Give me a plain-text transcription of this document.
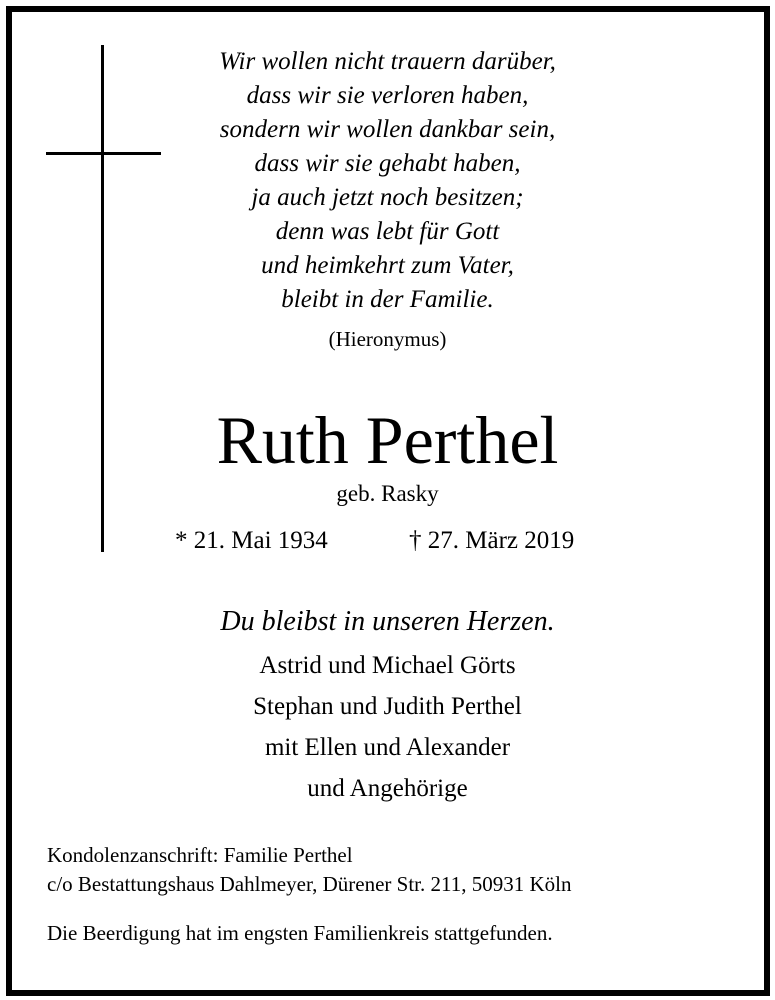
Wir wollen nicht trauern darüber,
dass wir sie verloren haben,
sondern wir wollen dankbar sein,
dass wir sie gehabt haben,
ja auch jetzt noch besitzen;
denn was lebt für Gott
und heimkehrt zum Vater,
bleibt in der Familie.
(Hieronymus)
Ruth Perthel
geb. Rasky
* 21. Mai 1934	† 27. März 2019
Du bleibst in unseren Herzen.
Astrid und Michael Görts
Stephan und Judith Perthel
mit Ellen und Alexander
und Angehörige
Kondolenzanschrift: Familie Perthel
c/o Bestattungshaus Dahlmeyer, Dürener Str. 211, 50931 Köln
Die Beerdigung hat im engsten Familienkreis stattgefunden.
